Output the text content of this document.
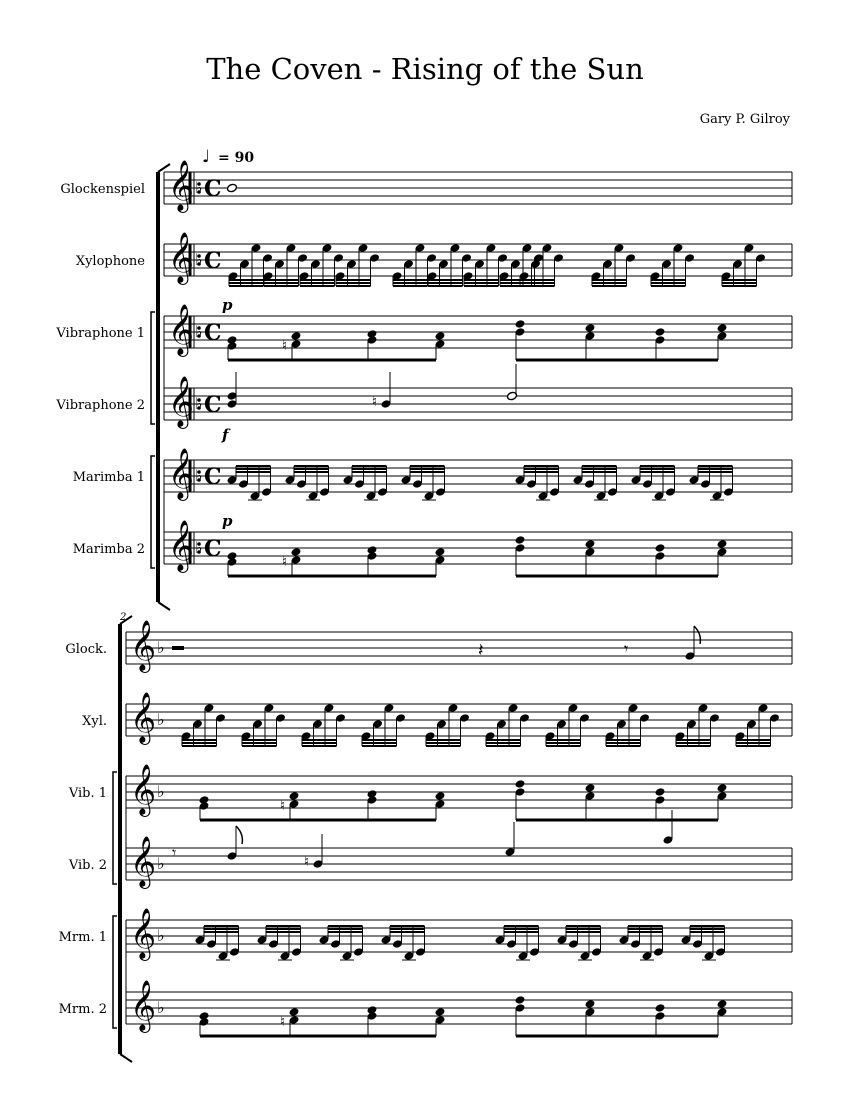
The Coven - Rising of the Sun
Gary P. Gilroy
♩ = 90
𝄞
𝄞
𝄞
𝄞
𝄞
𝄞
♭
♭
♭
♭
♭
♭
C
C
C
C
C
C
Glockenspiel
Xylophone
Vibraphone 1
Vibraphone 2
Marimba 1
Marimba 2
p
f
p
♮
♮
♮
𝄞
𝄞
𝄞
𝄞
𝄞
𝄞
♭
♭
♭
♭
♭
♭
2
Glock.
Xyl.
Vib. 1
Vib. 2
Mrm. 1
Mrm. 2
𝄽	𝄾
♮
𝄾	♮
♮
